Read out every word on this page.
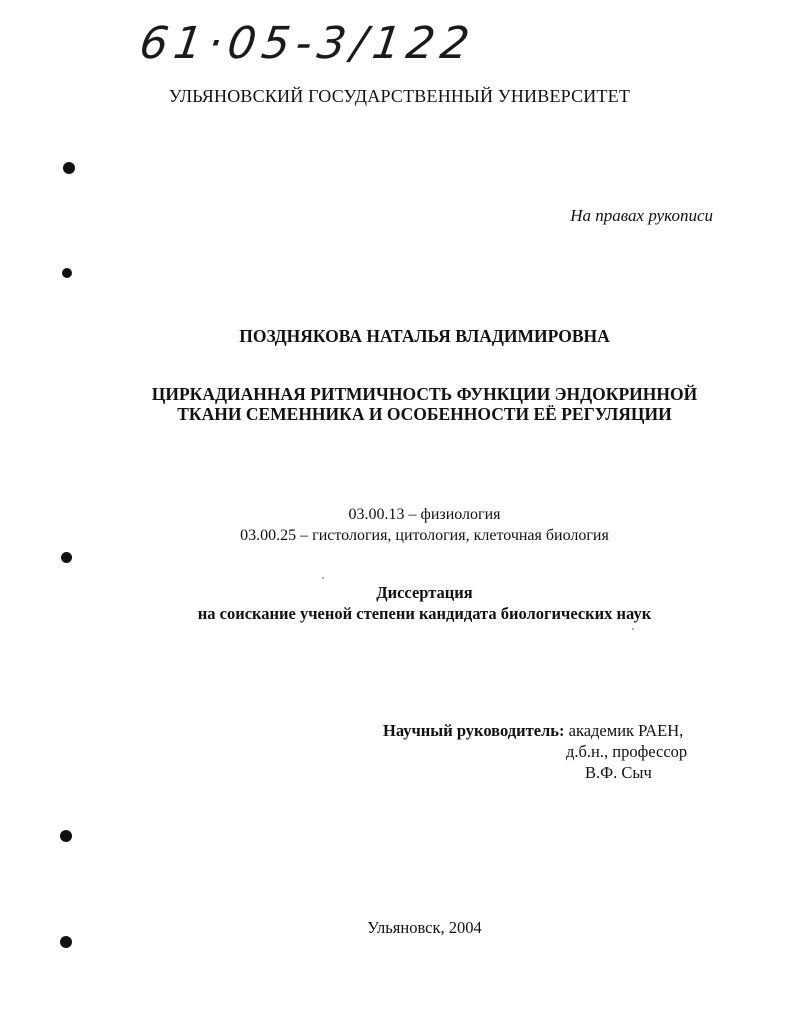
61·05-3/122
УЛЬЯНОВСКИЙ ГОСУДАРСТВЕННЫЙ УНИВЕРСИТЕТ
На правах рукописи
ПОЗДНЯКОВА НАТАЛЬЯ ВЛАДИМИРОВНА
ЦИРКАДИАННАЯ РИТМИЧНОСТЬ ФУНКЦИИ ЭНДОКРИННОЙ
ТКАНИ СЕМЕННИКА И ОСОБЕННОСТИ ЕЁ РЕГУЛЯЦИИ
03.00.13 – физиология
03.00.25 – гистология, цитология, клеточная биология
Диссертация
на соискание ученой степени кандидата биологических наук
Научный руководитель: академик РАЕН,
д.б.н., профессор
В.Ф. Сыч
Ульяновск, 2004
